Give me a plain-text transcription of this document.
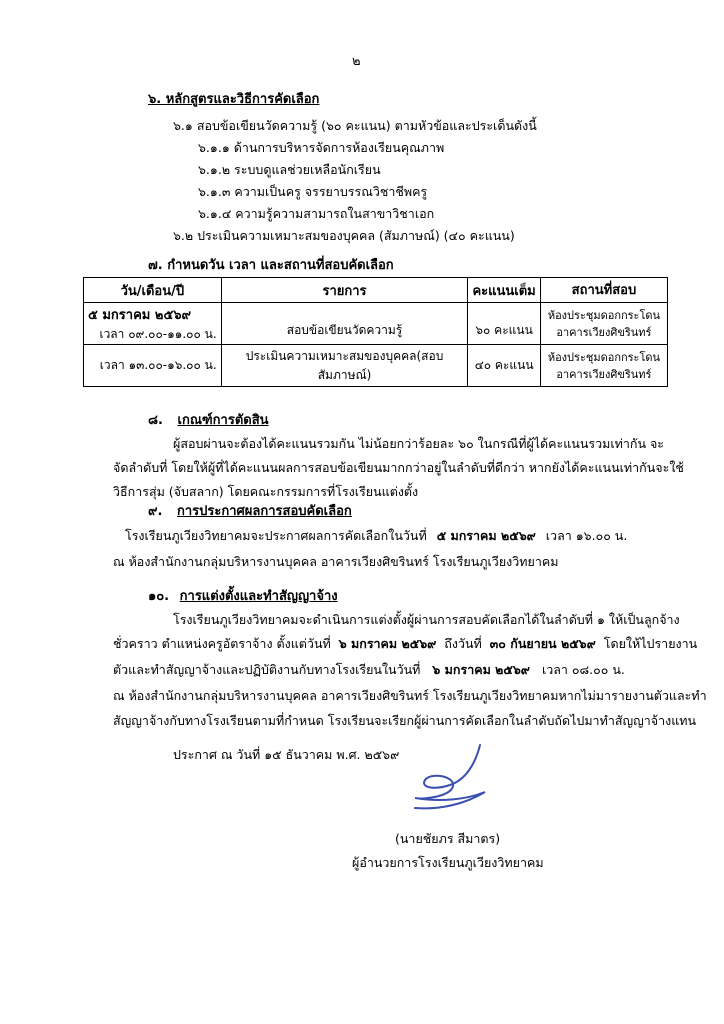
๒
๖. หลักสูตรและวิธีการคัดเลือก
๖.๑ สอบข้อเขียนวัดความรู้ (๖๐ คะแนน) ตามหัวข้อและประเด็นดังนี้
๖.๑.๑ ด้านการบริหารจัดการห้องเรียนคุณภาพ
๖.๑.๒ ระบบดูแลช่วยเหลือนักเรียน
๖.๑.๓ ความเป็นครู จรรยาบรรณวิชาชีพครู
๖.๑.๔ ความรู้ความสามารถในสาขาวิชาเอก
๖.๒ ประเมินความเหมาะสมของบุคคล (สัมภาษณ์) (๔๐ คะแนน)
๗. กำหนดวัน เวลา และสถานที่สอบคัดเลือก
วัน/เดือน/ปี	รายการ	คะแนนเต็ม	สถานที่สอบ

๕ มกราคม ๒๕๖๙
เวลา ๐๙.๐๐-๑๑.๐๐ น.	สอบข้อเขียนวัดความรู้	๖๐ คะแนน	ห้องประชุมดอกกระโดน
อาคารเวียงศิขรินทร์

เวลา ๑๓.๐๐-๑๖.๐๐ น.	ประเมินความเหมาะสมของบุคคล(สอบสัมภาษณ์)	๔๐ คะแนน	ห้องประชุมดอกกระโดน
อาคารเวียงศิขรินทร์
๘. เกณฑ์การตัดสิน
ผู้สอบผ่านจะต้องได้คะแนนรวมกัน ไม่น้อยกว่าร้อยละ ๖๐ ในกรณีที่ผู้ได้คะแนนรวมเท่ากัน จะ
จัดลำดับที่ โดยให้ผู้ที่ได้คะแนนผลการสอบข้อเขียนมากกว่าอยู่ในลำดับที่ดีกว่า หากยังได้คะแนนเท่ากันจะใช้
วิธีการสุ่ม (จับสลาก) โดยคณะกรรมการที่โรงเรียนแต่งตั้ง
๙. การประกาศผลการสอบคัดเลือก
โรงเรียนภูเวียงวิทยาคมจะประกาศผลการคัดเลือกในวันที่ ๕ มกราคม ๒๕๖๙ เวลา ๑๖.๐๐ น.
ณ ห้องสำนักงานกลุ่มบริหารงานบุคคล อาคารเวียงศิขรินทร์ โรงเรียนภูเวียงวิทยาคม
๑๐. การแต่งตั้งและทำสัญญาจ้าง
โรงเรียนภูเวียงวิทยาคมจะดำเนินการแต่งตั้งผู้ผ่านการสอบคัดเลือกได้ในลำดับที่ ๑ ให้เป็นลูกจ้าง
ชั่วคราว ตำแหน่งครูอัตราจ้าง ตั้งแต่วันที่ ๖ มกราคม ๒๕๖๙ ถึงวันที่ ๓๐ กันยายน ๒๕๖๙ โดยให้ไปรายงาน
ตัวและทำสัญญาจ้างและปฏิบัติงานกับทางโรงเรียนในวันที่ ๖ มกราคม ๒๕๖๙ เวลา ๐๘.๐๐ น.
ณ ห้องสำนักงานกลุ่มบริหารงานบุคคล อาคารเวียงศิขรินทร์ โรงเรียนภูเวียงวิทยาคมหากไม่มารายงานตัวและทำ
สัญญาจ้างกับทางโรงเรียนตามที่กำหนด โรงเรียนจะเรียกผู้ผ่านการคัดเลือกในลำดับถัดไปมาทำสัญญาจ้างแทน
ประกาศ ณ วันที่ ๑๕ ธันวาคม พ.ศ. ๒๕๖๙
(นายชัยภร สีมาตร)
ผู้อำนวยการโรงเรียนภูเวียงวิทยาคม
